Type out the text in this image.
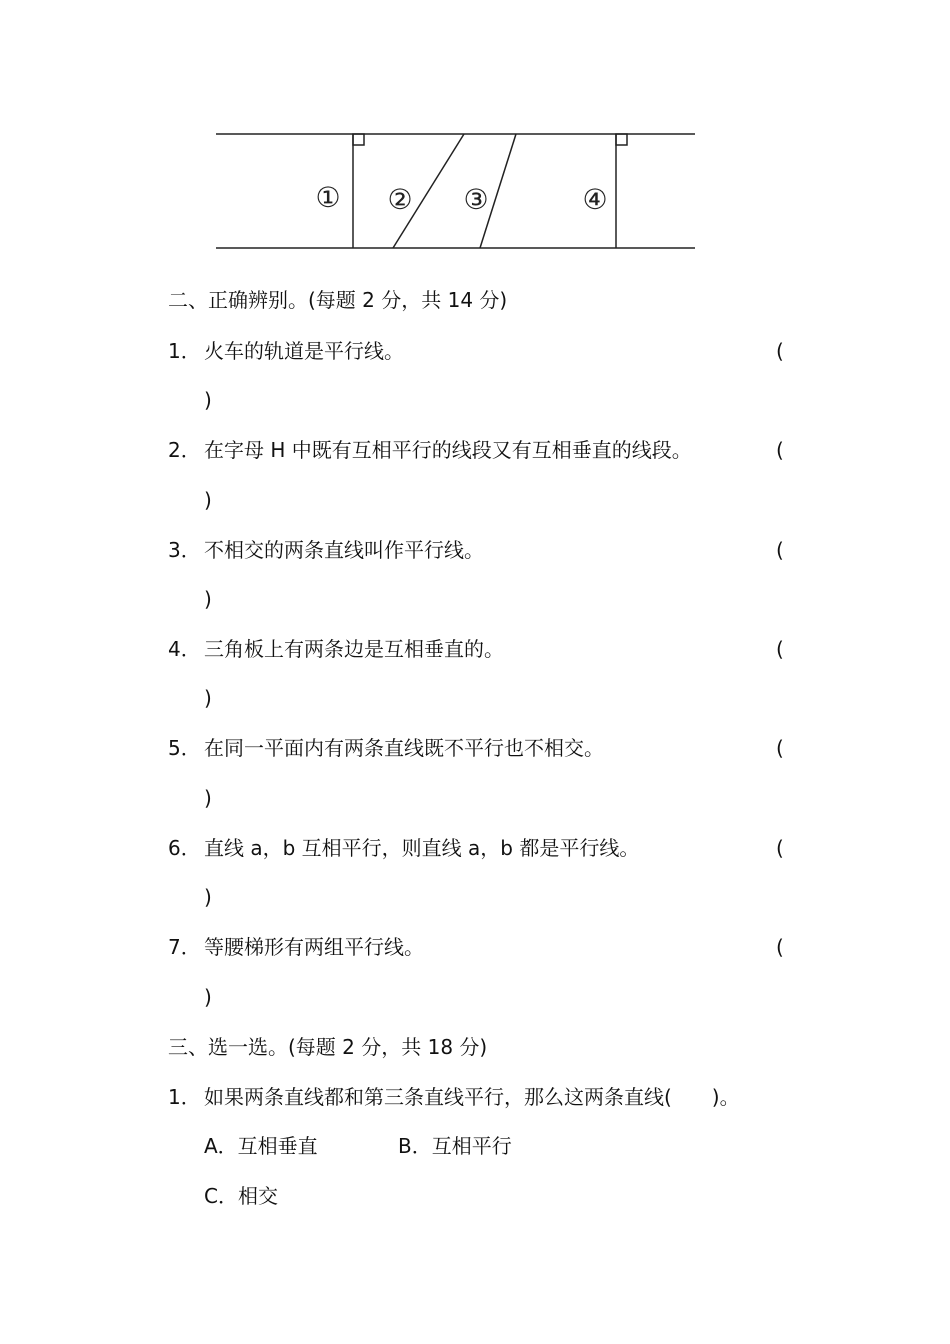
① ② ③	④
二、正确辨别。(每题 2 分，共 14 分)
1． 火车的轨道是平行线。	(
)
2． 在字母 H 中既有互相平行的线段又有互相垂直的线段。	(
)
3． 不相交的两条直线叫作平行线。	(
)
4． 三角板上有两条边是互相垂直的。	(
)
5． 在同一平面内有两条直线既不平行也不相交。	(
)
6． 直线 a，b 互相平行，则直线 a，b 都是平行线。	(
)
7． 等腰梯形有两组平行线。	(
)
三、选一选。(每题 2 分，共 18 分)
1． 如果两条直线都和第三条直线平行，那么这两条直线(　　)。
A．互相垂直	B．互相平行
C．相交
